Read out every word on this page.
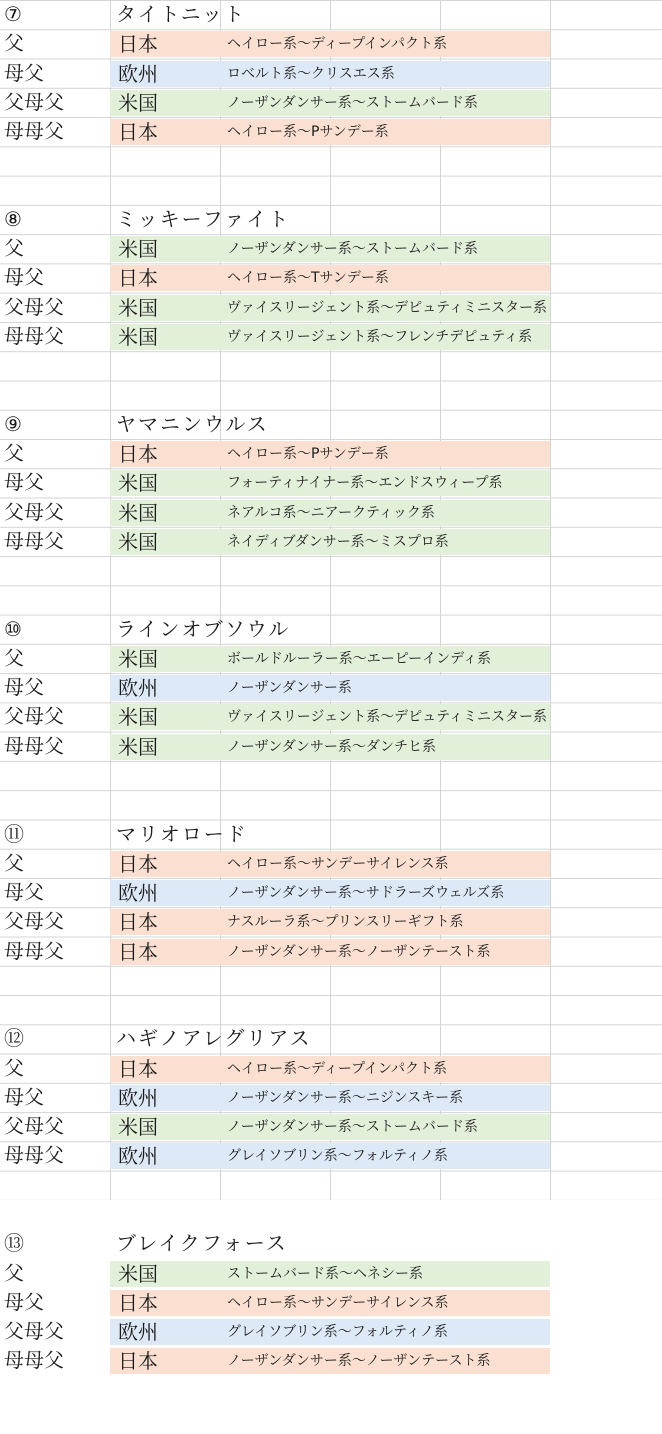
⑦	タイトニット
父	日本	ヘイロー系〜ディープインパクト系
母父	欧州	ロベルト系〜クリスエス系
父母父	米国	ノーザンダンサー系〜ストームバード系
母母父	日本	ヘイロー系〜Pサンデー系
⑧	ミッキーファイト
父	米国	ノーザンダンサー系〜ストームバード系
母父	日本	ヘイロー系〜Tサンデー系
父母父	米国	ヴァイスリージェント系〜デピュティミニスター系
母母父	米国	ヴァイスリージェント系〜フレンチデピュティ系
⑨	ヤマニンウルス
父	日本	ヘイロー系〜Pサンデー系
母父	米国	フォーティナイナー系〜エンドスウィープ系
父母父	米国	ネアルコ系〜ニアークティック系
母母父	米国	ネイディブダンサー系〜ミスプロ系
⑩	ラインオブソウル
父	米国	ボールドルーラー系〜エーピーインディ系
母父	欧州	ノーザンダンサー系
父母父	米国	ヴァイスリージェント系〜デピュティミニスター系
母母父	米国	ノーザンダンサー系〜ダンチヒ系
⑪	マリオロード
父	日本	ヘイロー系〜サンデーサイレンス系
母父	欧州	ノーザンダンサー系〜サドラーズウェルズ系
父母父	日本	ナスルーラ系〜プリンスリーギフト系
母母父	日本	ノーザンダンサー系〜ノーザンテースト系
⑫	ハギノアレグリアス
父	日本	ヘイロー系〜ディープインパクト系
母父	欧州	ノーザンダンサー系〜ニジンスキー系
父母父	米国	ノーザンダンサー系〜ストームバード系
母母父	欧州	グレイソブリン系〜フォルティノ系
⑬	ブレイクフォース
父	米国	ストームバード系〜ヘネシー系
母父	日本	ヘイロー系〜サンデーサイレンス系
父母父	欧州	グレイソブリン系〜フォルティノ系
母母父	日本	ノーザンダンサー系〜ノーザンテースト系
